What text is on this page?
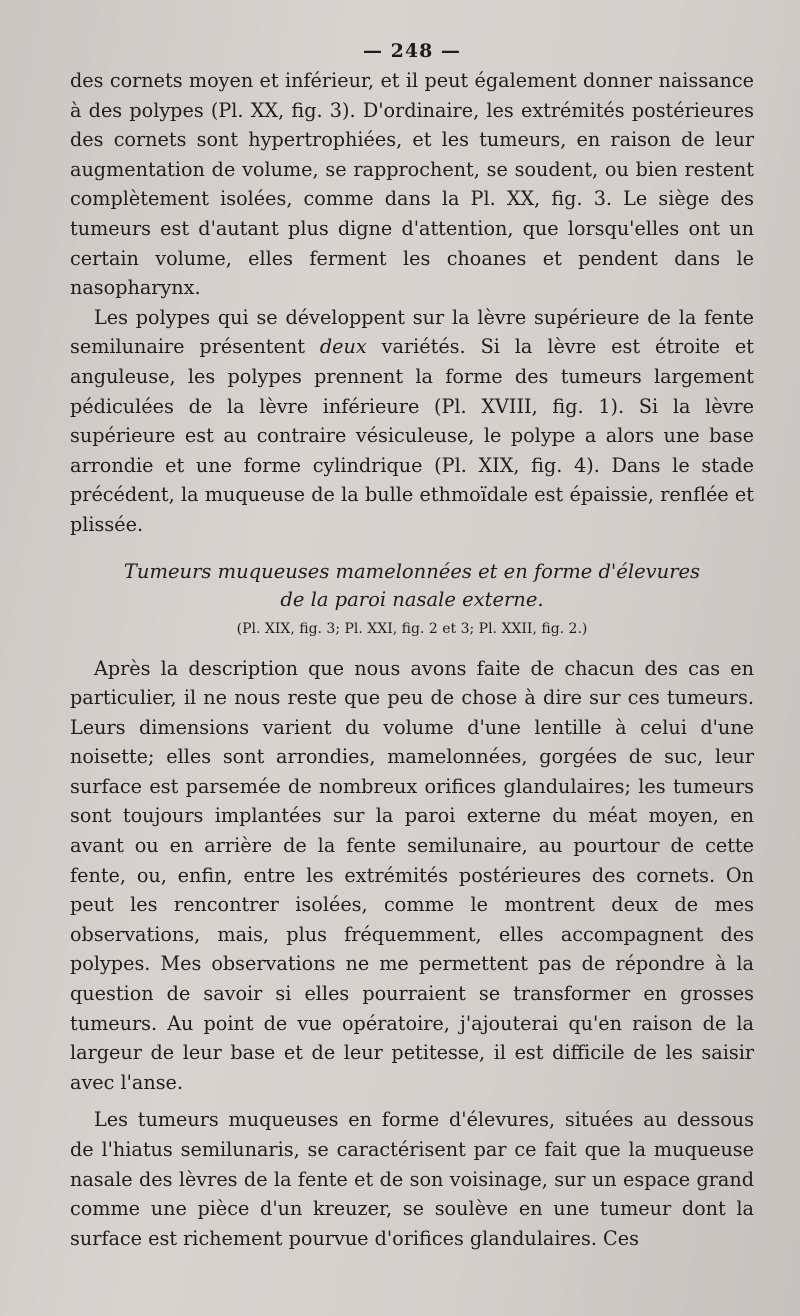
— 248 —

des cornets moyen et inférieur, et il peut également donner naissance à des polypes (Pl. XX, fig. 3). D'ordinaire, les extrémités postérieures des cornets sont hypertrophiées, et les tumeurs, en raison de leur augmentation de volume, se rapprochent, se soudent, ou bien restent complètement isolées, comme dans la Pl. XX, fig. 3. Le siège des tumeurs est d'autant plus digne d'attention, que lorsqu'elles ont un certain volume, elles ferment les choanes et pendent dans le nasopharynx.

Les polypes qui se développent sur la lèvre supérieure de la fente semilunaire présentent deux variétés. Si la lèvre est étroite et anguleuse, les polypes prennent la forme des tumeurs largement pédiculées de la lèvre inférieure (Pl. XVIII, fig. 1). Si la lèvre supérieure est au contraire vésiculeuse, le polype a alors une base arrondie et une forme cylindrique (Pl. XIX, fig. 4). Dans le stade précédent, la muqueuse de la bulle ethmoïdale est épaissie, renflée et plissée.

Tumeurs muqueuses mamelonnées et en forme d'élevures
de la paroi nasale externe.
(Pl. XIX, fig. 3; Pl. XXI, fig. 2 et 3; Pl. XXII, fig. 2.)

Après la description que nous avons faite de chacun des cas en particulier, il ne nous reste que peu de chose à dire sur ces tumeurs. Leurs dimensions varient du volume d'une lentille à celui d'une noisette; elles sont arrondies, mamelonnées, gorgées de suc, leur surface est parsemée de nombreux orifices glandulaires; les tumeurs sont toujours implantées sur la paroi externe du méat moyen, en avant ou en arrière de la fente semilunaire, au pourtour de cette fente, ou, enfin, entre les extrémités postérieures des cornets. On peut les rencontrer isolées, comme le montrent deux de mes observations, mais, plus fréquemment, elles accompagnent des polypes. Mes observations ne me permettent pas de répondre à la question de savoir si elles pourraient se transformer en grosses tumeurs. Au point de vue opératoire, j'ajouterai qu'en raison de la largeur de leur base et de leur petitesse, il est difficile de les saisir avec l'anse.

Les tumeurs muqueuses en forme d'élevures, situées au dessous de l'hiatus semilunaris, se caractérisent par ce fait que la muqueuse nasale des lèvres de la fente et de son voisinage, sur un espace grand comme une pièce d'un kreuzer, se soulève en une tumeur dont la surface est richement pourvue d'orifices glandulaires. Ces
